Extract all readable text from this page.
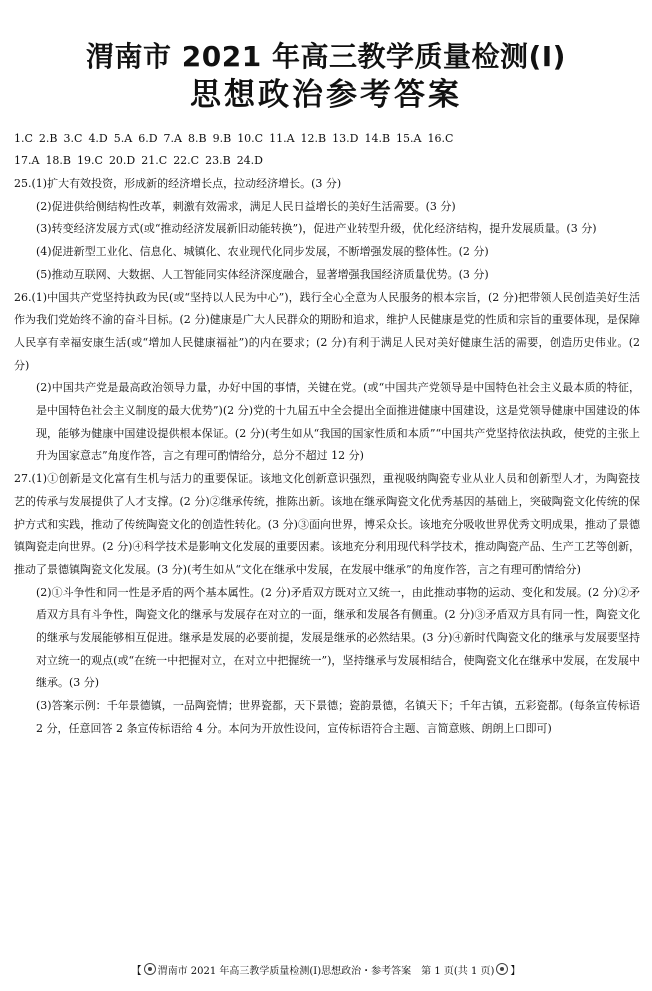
渭南市 2021 年高三教学质量检测(Ⅰ)
思想政治参考答案
1.C 2.B 3.C 4.D 5.A 6.D 7.A 8.B 9.B 10.C 11.A 12.B 13.D 14.B 15.A 16.C
17.A 18.B 19.C 20.D 21.C 22.C 23.B 24.D

25.(1)扩大有效投资，形成新的经济增长点，拉动经济增长。(3 分)

(2)促进供给侧结构性改革，刺激有效需求，满足人民日益增长的美好生活需要。(3 分)

(3)转变经济发展方式(或“推动经济发展新旧动能转换”)，促进产业转型升级，优化经济结构，提升发展质量。(3 分)

(4)促进新型工业化、信息化、城镇化、农业现代化同步发展，不断增强发展的整体性。(2 分)

(5)推动互联网、大数据、人工智能同实体经济深度融合，显著增强我国经济质量优势。(3 分)

26.(1)中国共产党坚持执政为民(或“坚持以人民为中心”)，践行全心全意为人民服务的根本宗旨，(2 分)把带领人民创造美好生活作为我们党始终不渝的奋斗目标。(2 分)健康是广大人民群众的期盼和追求，维护人民健康是党的性质和宗旨的重要体现，是保障人民享有幸福安康生活(或“增加人民健康福祉”)的内在要求；(2 分)有利于满足人民对美好健康生活的需要，创造历史伟业。(2 分)

(2)中国共产党是最高政治领导力量，办好中国的事情，关键在党。(或“中国共产党领导是中国特色社会主义最本质的特征，是中国特色社会主义制度的最大优势”)(2 分)党的十九届五中全会提出全面推进健康中国建设，这是党领导健康中国建设的体现，能够为健康中国建设提供根本保证。(2 分)(考生如从“我国的国家性质和本质”“中国共产党坚持依法执政，使党的主张上升为国家意志”角度作答，言之有理可酌情给分，总分不超过 12 分)

27.(1)①创新是文化富有生机与活力的重要保证。该地文化创新意识强烈，重视吸纳陶瓷专业从业人员和创新型人才，为陶瓷技艺的传承与发展提供了人才支撑。(2 分)②继承传统，推陈出新。该地在继承陶瓷文化优秀基因的基础上，突破陶瓷文化传统的保护方式和实践，推动了传统陶瓷文化的创造性转化。(3 分)③面向世界，博采众长。该地充分吸收世界优秀文明成果，推动了景德镇陶瓷走向世界。(2 分)④科学技术是影响文化发展的重要因素。该地充分利用现代科学技术，推动陶瓷产品、生产工艺等创新，推动了景德镇陶瓷文化发展。(3 分)(考生如从“文化在继承中发展，在发展中继承”的角度作答，言之有理可酌情给分)

(2)①斗争性和同一性是矛盾的两个基本属性。(2 分)矛盾双方既对立又统一，由此推动事物的运动、变化和发展。(2 分)②矛盾双方具有斗争性，陶瓷文化的继承与发展存在对立的一面，继承和发展各有侧重。(2 分)③矛盾双方具有同一性，陶瓷文化的继承与发展能够相互促进。继承是发展的必要前提，发展是继承的必然结果。(3 分)④新时代陶瓷文化的继承与发展要坚持对立统一的观点(或“在统一中把握对立，在对立中把握统一”)，坚持继承与发展相结合，使陶瓷文化在继承中发展，在发展中继承。(3 分)

(3)答案示例：千年景德镇，一品陶瓷情；世界瓷都，天下景德；瓷韵景德，名镇天下；千年古镇，五彩瓷都。(每条宣传标语 2 分，任意回答 2 条宣传标语给 4 分。本问为开放性设问，宣传标语符合主题、言简意赅、朗朗上口即可)

【 渭南市 2021 年高三教学质量检测(Ⅰ)思想政治・参考答案　第 1 页(共 1 页) 】
